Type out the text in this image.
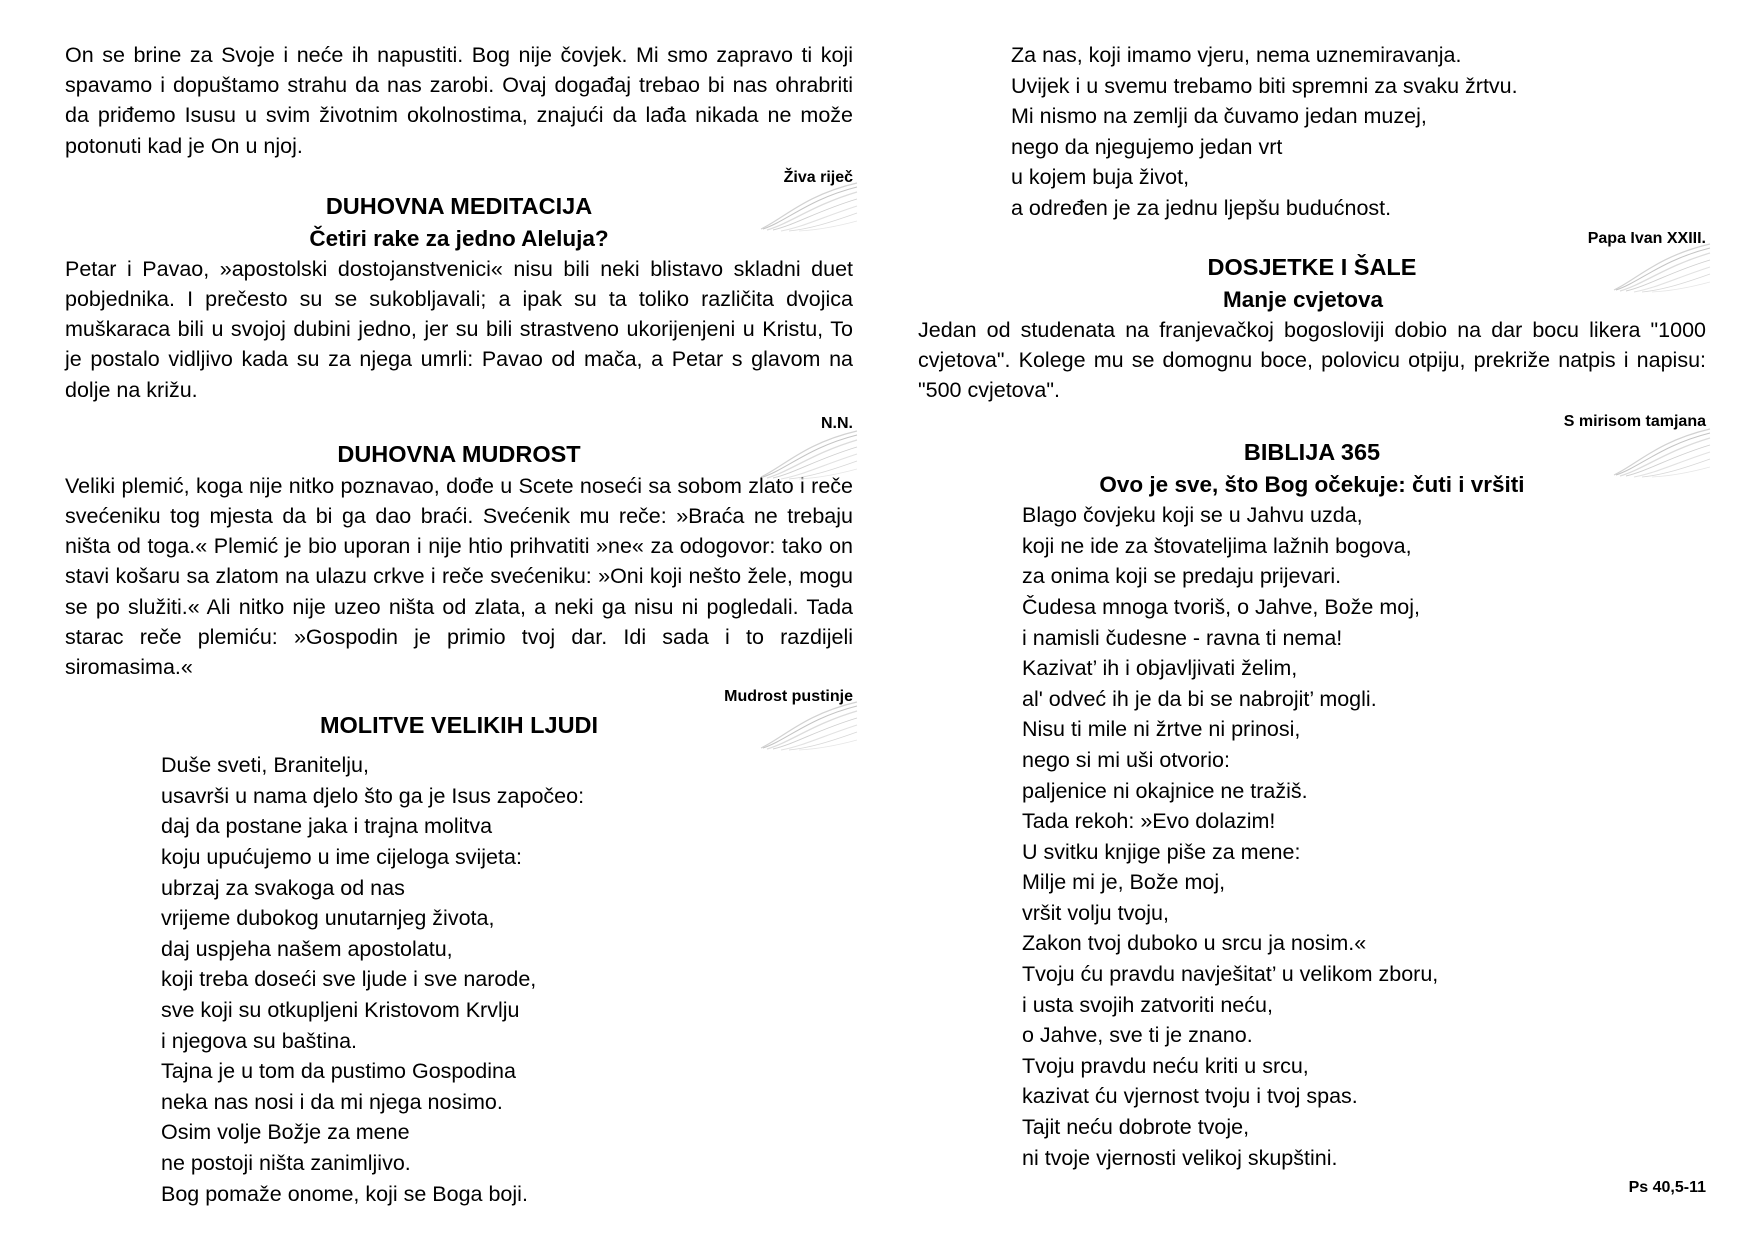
On se brine za Svoje i neće ih napustiti. Bog nije čovjek. Mi smo zapravo ti koji spavamo i dopuštamo strahu da nas zarobi. Ovaj događaj trebao bi nas ohrabriti da priđemo Isusu u svim životnim okolnostima, znajući da lađa nikada ne može potonuti kad je On u njoj.

Živa riječ
DUHOVNA MEDITACIJA
Četiri rake za jedno Aleluja?

Petar i Pavao, »apostolski dostojanstvenici« nisu bili neki blistavo skladni duet pobjednika. I prečesto su se sukobljavali; a ipak su ta toliko različita dvojica muškaraca bili u svojoj dubini jedno, jer su bili strastveno ukorijenjeni u Kristu, To je postalo vidljivo kada su za njega umrli: Pavao od mača, a Petar s glavom na dolje na križu.

N.N.
DUHOVNA MUDROST

Veliki plemić, koga nije nitko poznavao, dođe u Scete noseći sa sobom zlato i reče svećeniku tog mjesta da bi ga dao braći. Svećenik mu reče: »Braća ne trebaju ništa od toga.« Plemić je bio uporan i nije htio prihvatiti »ne« za odogovor: tako on stavi košaru sa zlatom na ulazu crkve i reče svećeniku: »Oni koji nešto žele, mogu se po služiti.« Ali nitko nije uzeo ništa od zlata, a neki ga nisu ni pogledali. Tada starac reče plemiću: »Gospodin je primio tvoj dar. Idi sada i to razdijeli siromasima.«

Mudrost pustinje
MOLITVE VELIKIH LJUDI
Duše sveti, Branitelju,
usavrši u nama djelo što ga je Isus započeo:
daj da postane jaka i trajna molitva
koju upućujemo u ime cijeloga svijeta:
ubrzaj za svakoga od nas
vrijeme dubokog unutarnjeg života,
daj uspjeha našem apostolatu,
koji treba doseći sve ljude i sve narode,
sve koji su otkupljeni Kristovom Krvlju
i njegova su baština.
Tajna je u tom da pustimo Gospodina
neka nas nosi i da mi njega nosimo.
Osim volje Božje za mene
ne postoji ništa zanimljivo.
Bog pomaže onome, koji se Boga boji.
Za nas, koji imamo vjeru, nema uznemiravanja.
Uvijek i u svemu trebamo biti spremni za svaku žrtvu.
Mi nismo na zemlji da čuvamo jedan muzej,
nego da njegujemo jedan vrt
u kojem buja život,
a određen je za jednu ljepšu budućnost.
Papa Ivan XXIII.
DOSJETKE I ŠALE
Manje cvjetova

Jedan od studenata na franjevačkoj bogosloviji dobio na dar bocu likera "1000 cvjetova". Kolege mu se domognu boce, polovicu otpiju, prekriže natpis i napisu: "500 cvjetova".

S mirisom tamjana
BIBLIJA 365
Ovo je sve, što Bog očekuje: čuti i vršiti
Blago čovjeku koji se u Jahvu uzda,
koji ne ide za štovateljima lažnih bogova,
za onima koji se predaju prijevari.
Čudesa mnoga tvoriš, o Jahve, Bože moj,
i namisli čudesne - ravna ti nema!
Kazivat’ ih i objavljivati želim,
al' odveć ih je da bi se nabrojit’ mogli.
Nisu ti mile ni žrtve ni prinosi,
nego si mi uši otvorio:
paljenice ni okajnice ne tražiš.
Tada rekoh: »Evo dolazim!
U svitku knjige piše za mene:
Milje mi je, Bože moj,
vršit volju tvoju,
Zakon tvoj duboko u srcu ja nosim.«
Tvoju ću pravdu navješitat’ u velikom zboru,
i usta svojih zatvoriti neću,
o Jahve, sve ti je znano.
Tvoju pravdu neću kriti u srcu,
kazivat ću vjernost tvoju i tvoj spas.
Tajit neću dobrote tvoje,
ni tvoje vjernosti velikoj skupštini.
Ps 40,5-11
